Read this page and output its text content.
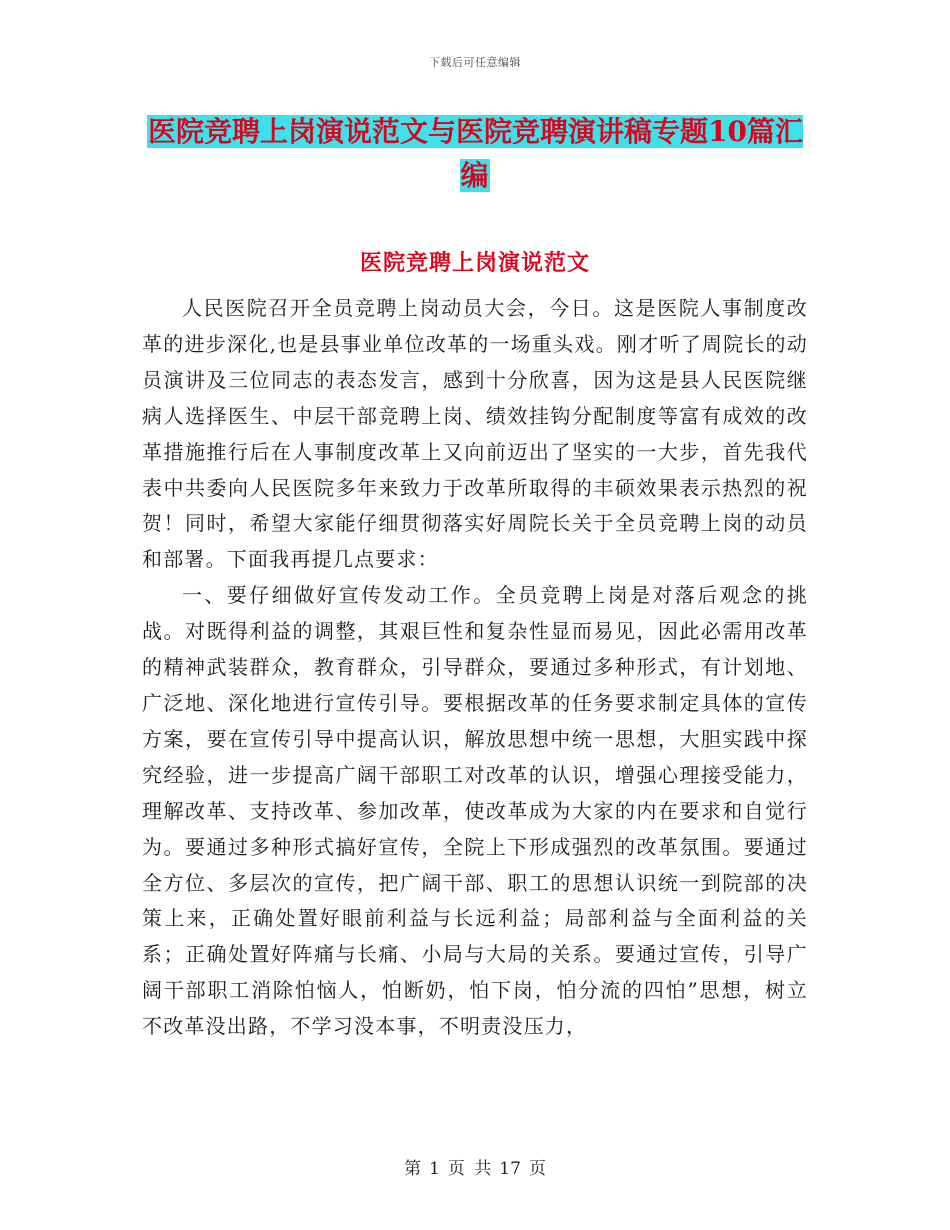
下载后可任意编辑
医院竞聘上岗演说范文与医院竞聘演讲稿专题10篇汇编
医院竞聘上岗演说范文

人民医院召开全员竞聘上岗动员大会，今日。这是医院人事制度改革的进步深化,也是县事业单位改革的一场重头戏。刚才听了周院长的动员演讲及三位同志的表态发言，感到十分欣喜，因为这是县人民医院继病人选择医生、中层干部竞聘上岗、绩效挂钩分配制度等富有成效的改革措施推行后在人事制度改革上又向前迈出了坚实的一大步，首先我代表中共委向人民医院多年来致力于改革所取得的丰硕效果表示热烈的祝贺！同时，希望大家能仔细贯彻落实好周院长关于全员竞聘上岗的动员和部署。下面我再提几点要求：

一、要仔细做好宣传发动工作。全员竞聘上岗是对落后观念的挑战。对既得利益的调整，其艰巨性和复杂性显而易见，因此必需用改革的精神武装群众，教育群众，引导群众，要通过多种形式，有计划地、广泛地、深化地进行宣传引导。要根据改革的任务要求制定具体的宣传方案，要在宣传引导中提高认识，解放思想中统一思想，大胆实践中探究经验，进一步提高广阔干部职工对改革的认识，增强心理接受能力，理解改革、支持改革、参加改革，使改革成为大家的内在要求和自觉行为。要通过多种形式搞好宣传，全院上下形成强烈的改革氛围。要通过全方位、多层次的宣传，把广阔干部、职工的思想认识统一到院部的决策上来，正确处置好眼前利益与长远利益；局部利益与全面利益的关系；正确处置好阵痛与长痛、小局与大局的关系。要通过宣传，引导广阔干部职工消除怕恼人，怕断奶，怕下岗，怕分流的四怕”思想，树立不改革没出路，不学习没本事，不明责没压力，

第 1 页 共 17 页
